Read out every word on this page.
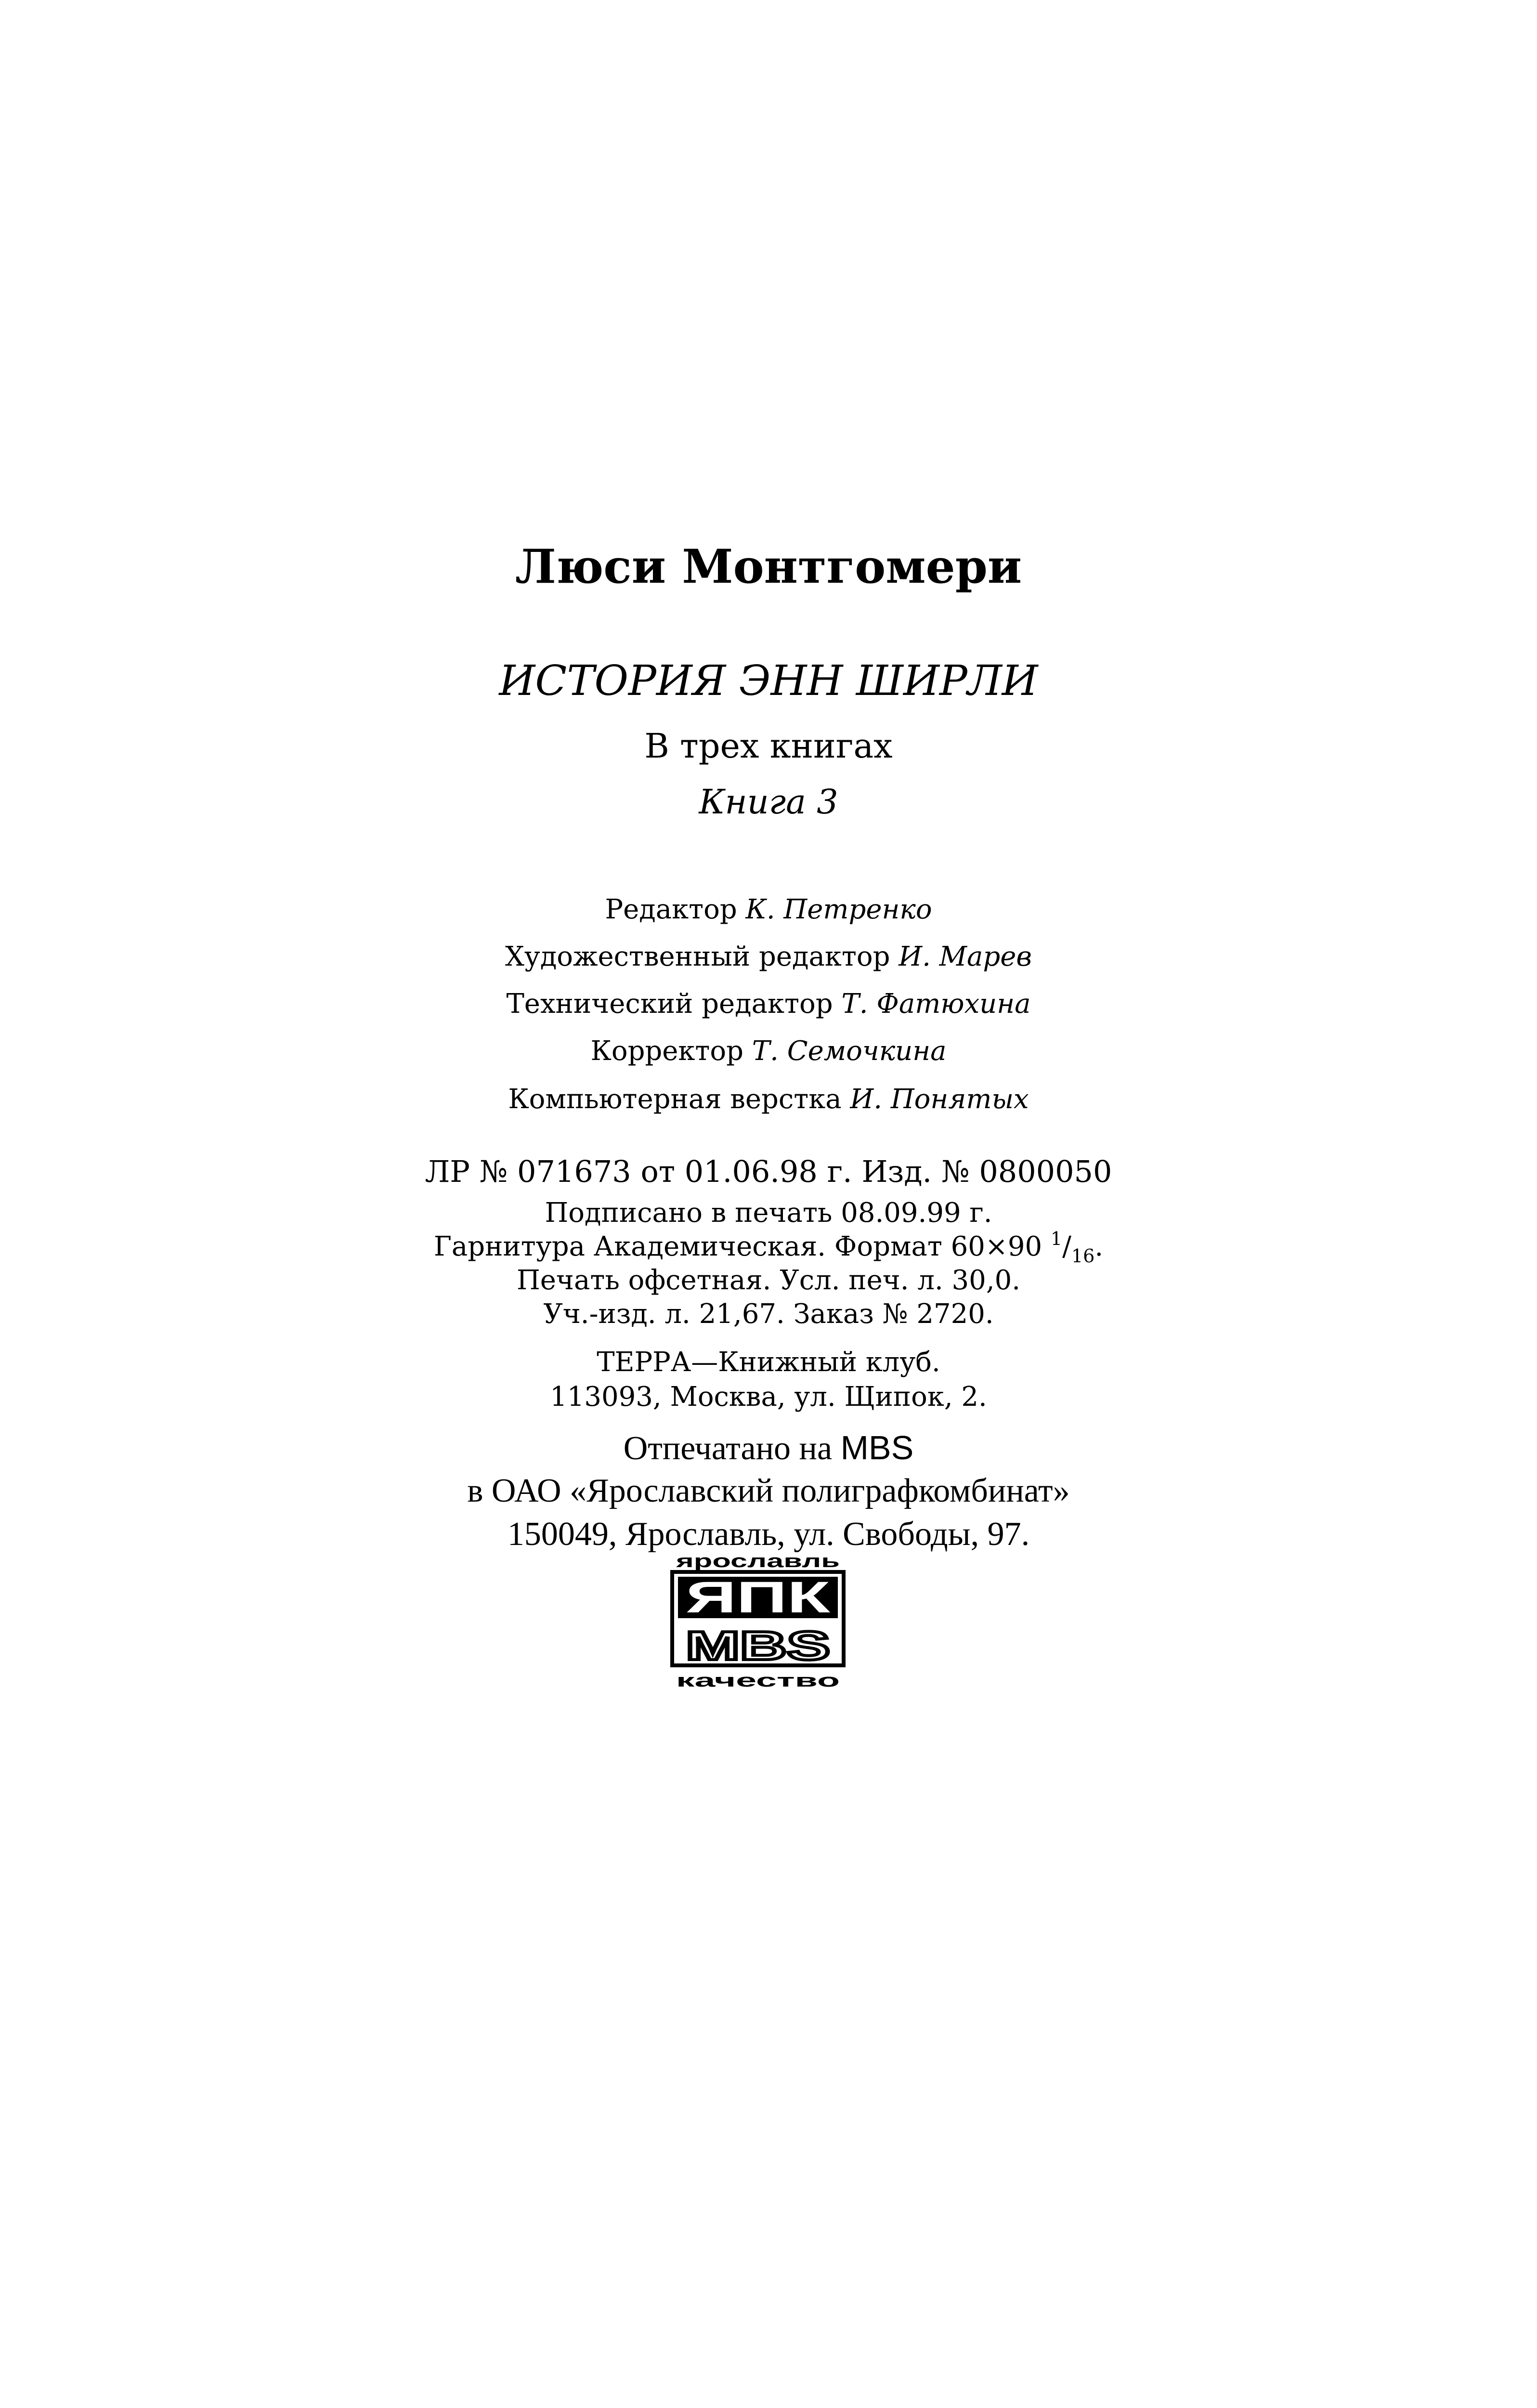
Люси Монтгомери
ИСТОРИЯ ЭНН ШИРЛИ
В трех книгах
Книга 3
Редактор К. Петренко
Художественный редактор И. Марев
Технический редактор Т. Фатюхина
Корректор Т. Семочкина
Компьютерная верстка И. Понятых
ЛР № 071673 от 01.06.98 г. Изд. № 0800050
Подписано в печать 08.09.99 г.
Гарнитура Академическая. Формат 60×90 $^1/_{16}$.
Печать офсетная. Усл. печ. л. 30,0.
Уч.-изд. л. 21,67. Заказ № 2720.
ТЕРРА—Книжный клуб.
113093, Москва, ул. Щипок, 2.
Отпечатано на MBS
в ОАО «Ярославский полиграфкомбинат»
150049, Ярославль, ул. Свободы, 97.
ярославль
ЯПК
MBS
качество
